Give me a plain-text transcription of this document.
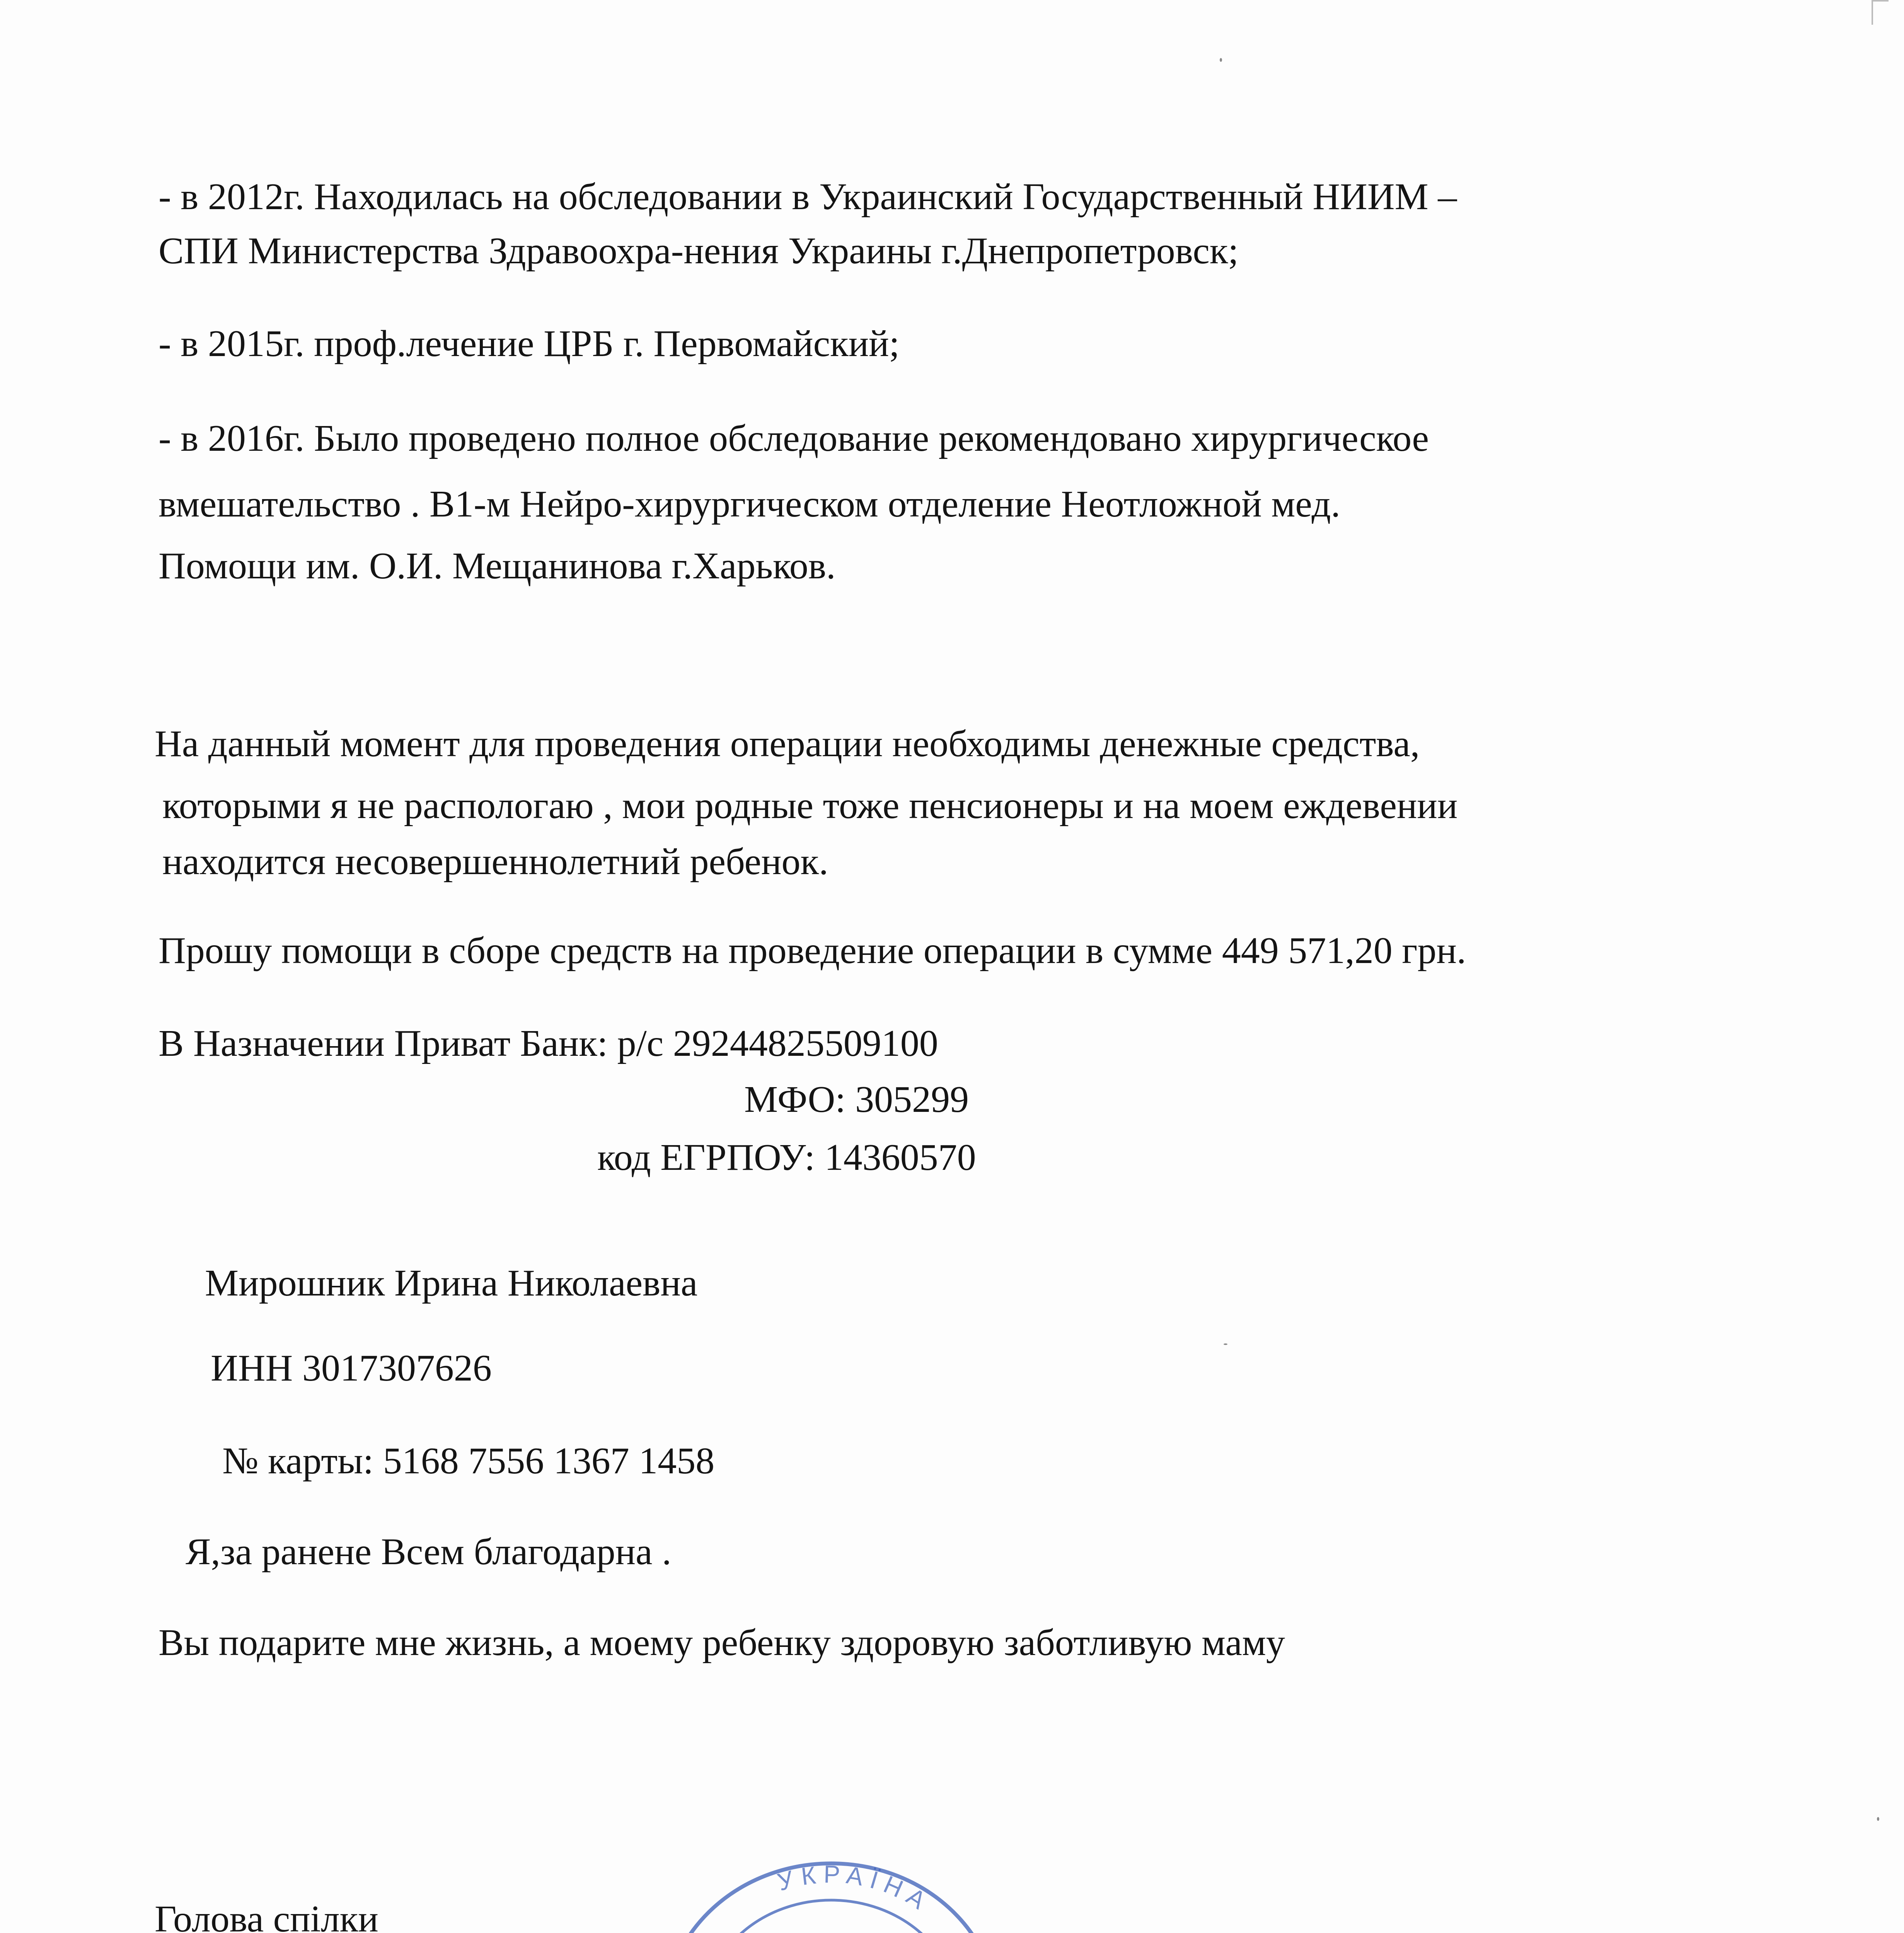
- в 2012г. Находилась на обследовании в Украинский Государственный НИИМ –
СПИ Министерства Здравоохра-нения Украины г.Днепропетровск;
- в 2015г. проф.лечение ЦРБ г. Первомайский;
- в 2016г. Было проведено полное обследование рекомендовано хирургическое
вмешательство . В1-м Нейро-хирургическом отделение Неотложной мед.
Помощи им. О.И. Мещанинова г.Харьков.
На данный момент для проведения операции необходимы денежные средства,
которыми я не распологаю , мои родные тоже пенсионеры и на моем еждевении
находится несовершеннолетний ребенок.
Прошу помощи в сборе средств на проведение операции в сумме 449 571,20 грн.
В Назначении Приват Банк: р/с 29244825509100
МФО: 305299
код ЕГРПОУ: 14360570
Мирошник Ирина Николаевна
ИНН 3017307626
№ карты: 5168 7556 1367 1458
Я,за ранене Всем благодарна .
Вы подарите мне жизнь, а моему ребенку здоровую заботливую маму
Голова спілки
УКРАЇНА
